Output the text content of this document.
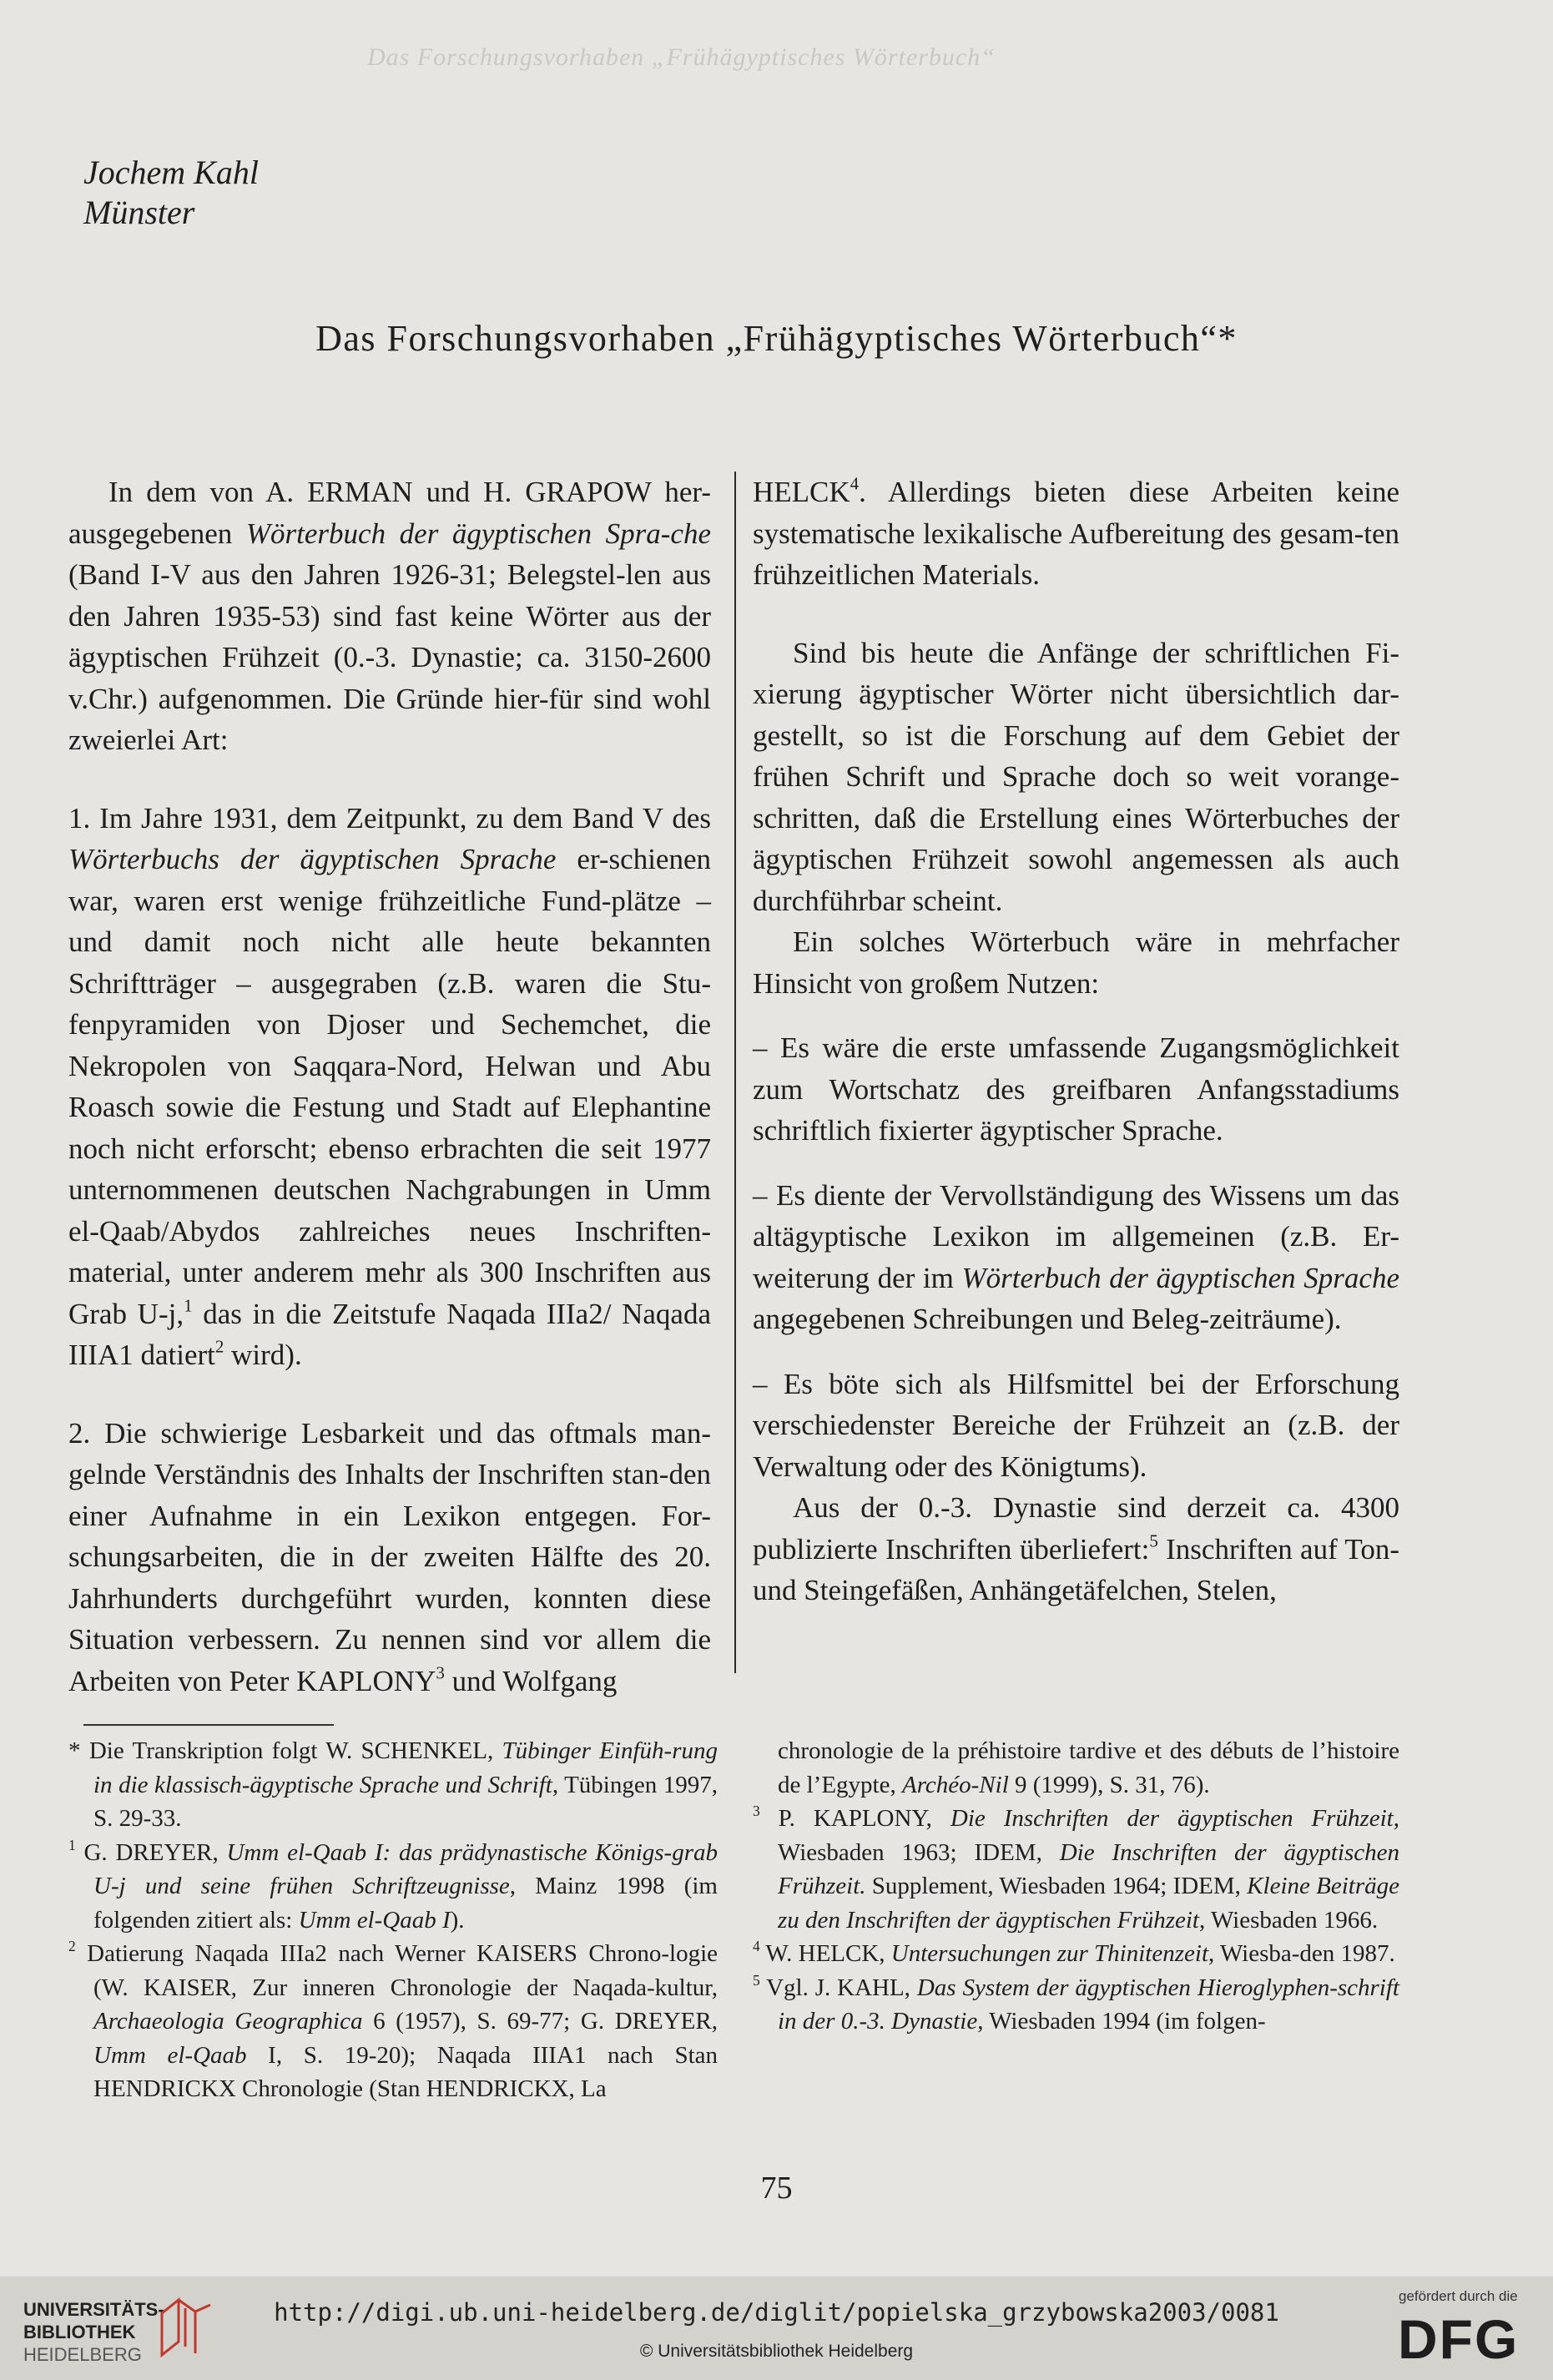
Das Forschungsvorhaben „Frühägyptisches Wörterbuch“
Jochem Kahl
Münster
Das Forschungsvorhaben „Frühägyptisches Wörterbuch“*

In dem von A. ERMAN und H. GRAPOW her-ausgegebenen Wörterbuch der ägyptischen Spra-che (Band I-V aus den Jahren 1926-31; Belegstel-len aus den Jahren 1935-53) sind fast keine Wörter aus der ägyptischen Frühzeit (0.-3. Dynastie; ca. 3150-2600 v.Chr.) aufgenommen. Die Gründe hier-für sind wohl zweierlei Art:

1. Im Jahre 1931, dem Zeitpunkt, zu dem Band V des Wörterbuchs der ägyptischen Sprache er-schienen war, waren erst wenige frühzeitliche Fund-plätze – und damit noch nicht alle heute bekannten Schriftträger – ausgegraben (z.B. waren die Stu-fenpyramiden von Djoser und Sechemchet, die Nekropolen von Saqqara-Nord, Helwan und Abu Roasch sowie die Festung und Stadt auf Elephantine noch nicht erforscht; ebenso erbrachten die seit 1977 unternommenen deutschen Nachgrabungen in Umm el-Qaab/Abydos zahlreiches neues Inschriften-material, unter anderem mehr als 300 Inschriften aus Grab U-j,$^1$ das in die Zeitstufe Naqada IIIa2/ Naqada IIIA1 datiert$^2$ wird).

2. Die schwierige Lesbarkeit und das oftmals man-gelnde Verständnis des Inhalts der Inschriften stan-den einer Aufnahme in ein Lexikon entgegen. For-schungsarbeiten, die in der zweiten Hälfte des 20. Jahrhunderts durchgeführt wurden, konnten diese Situation verbessern. Zu nennen sind vor allem die Arbeiten von Peter KAPLONY$^3$ und Wolfgang

HELCK$^4$. Allerdings bieten diese Arbeiten keine systematische lexikalische Aufbereitung des gesam-ten frühzeitlichen Materials.

Sind bis heute die Anfänge der schriftlichen Fi-xierung ägyptischer Wörter nicht übersichtlich dar-gestellt, so ist die Forschung auf dem Gebiet der frühen Schrift und Sprache doch so weit vorange-schritten, daß die Erstellung eines Wörterbuches der ägyptischen Frühzeit sowohl angemessen als auch durchführbar scheint.

Ein solches Wörterbuch wäre in mehrfacher Hinsicht von großem Nutzen:

– Es wäre die erste umfassende Zugangsmöglichkeit zum Wortschatz des greifbaren Anfangsstadiums schriftlich fixierter ägyptischer Sprache.

– Es diente der Vervollständigung des Wissens um das altägyptische Lexikon im allgemeinen (z.B. Er-weiterung der im Wörterbuch der ägyptischen Sprache angegebenen Schreibungen und Beleg-zeiträume).

– Es böte sich als Hilfsmittel bei der Erforschung verschiedenster Bereiche der Frühzeit an (z.B. der Verwaltung oder des Königtums).

Aus der 0.-3. Dynastie sind derzeit ca. 4300 publizierte Inschriften überliefert:$^5$ Inschriften auf Ton- und Steingefäßen, Anhängetäfelchen, Stelen,

* Die Transkription folgt W. SCHENKEL, Tübinger Einfüh-rung in die klassisch-ägyptische Sprache und Schrift, Tübingen 1997, S. 29-33.

$^1$ G. DREYER, Umm el-Qaab I: das prädynastische Königs-grab U-j und seine frühen Schriftzeugnisse, Mainz 1998 (im folgenden zitiert als: Umm el-Qaab I).

$^2$ Datierung Naqada IIIa2 nach Werner KAISERS Chrono-logie (W. KAISER, Zur inneren Chronologie der Naqada-kultur, Archaeologia Geographica 6 (1957), S. 69-77; G. DREYER, Umm el-Qaab I, S. 19-20); Naqada IIIA1 nach Stan HENDRICKX Chronologie (Stan HENDRICKX, La

chronologie de la préhistoire tardive et des débuts de l’histoire de l’Egypte, Archéo-Nil 9 (1999), S. 31, 76).

$^3$ P. KAPLONY, Die Inschriften der ägyptischen Frühzeit, Wiesbaden 1963; IDEM, Die Inschriften der ägyptischen Frühzeit. Supplement, Wiesbaden 1964; IDEM, Kleine Beiträge zu den Inschriften der ägyptischen Frühzeit, Wiesbaden 1966.

$^4$ W. HELCK, Untersuchungen zur Thinitenzeit, Wiesba-den 1987.

$^5$ Vgl. J. KAHL, Das System der ägyptischen Hieroglyphen-schrift in der 0.-3. Dynastie, Wiesbaden 1994 (im folgen-

75
UNIVERSITÄTS-
BIBLIOTHEK
HEIDELBERG
http://digi.ub.uni-heidelberg.de/diglit/popielska_grzybowska2003/0081
© Universitätsbibliothek Heidelberg
gefördert durch die
DFG
